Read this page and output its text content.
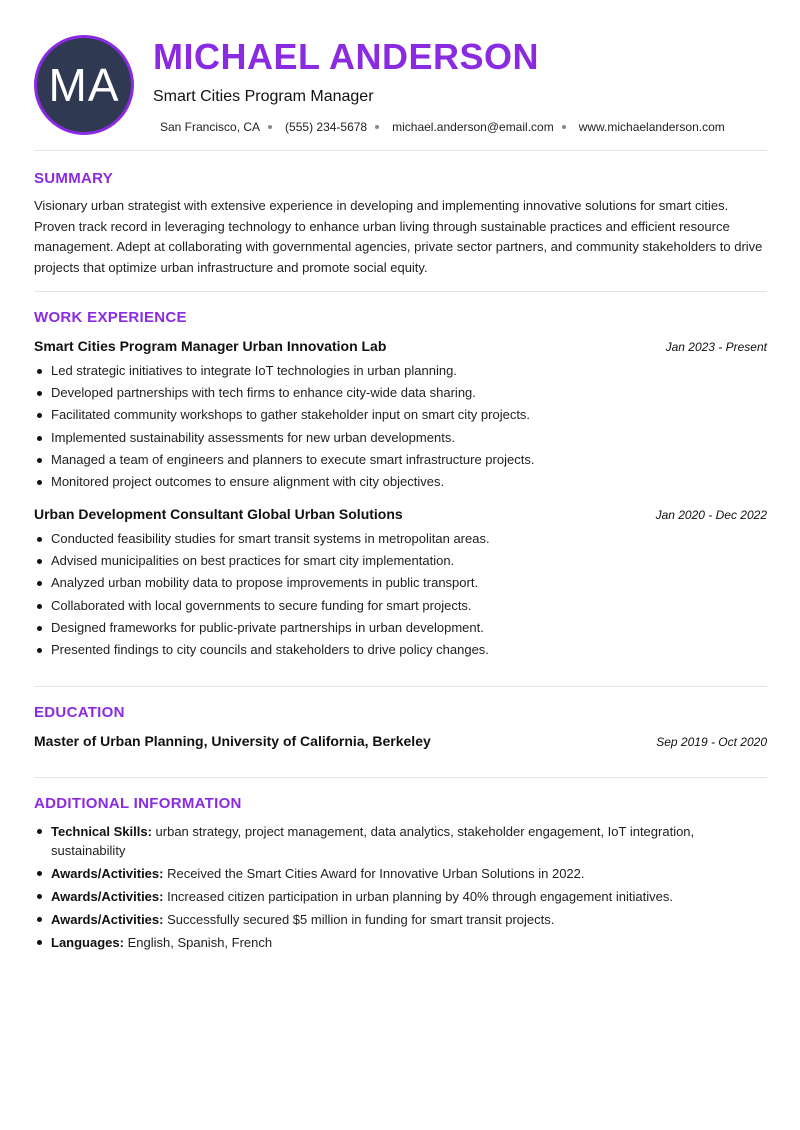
MA
MICHAEL ANDERSON
Smart Cities Program Manager
San Francisco, CA (555) 234-5678 michael.anderson@email.com www.michaelanderson.com
SUMMARY

Visionary urban strategist with extensive experience in developing and implementing innovative solutions for smart cities. Proven track record in leveraging technology to enhance urban living through sustainable practices and efficient resource management. Adept at collaborating with governmental agencies, private sector partners, and community stakeholders to drive projects that optimize urban infrastructure and promote social equity.

WORK EXPERIENCE
Smart Cities Program Manager Urban Innovation Lab	Jan 2023 - Present
Led strategic initiatives to integrate IoT technologies in urban planning.
Developed partnerships with tech firms to enhance city-wide data sharing.
Facilitated community workshops to gather stakeholder input on smart city projects.
Implemented sustainability assessments for new urban developments.
Managed a team of engineers and planners to execute smart infrastructure projects.
Monitored project outcomes to ensure alignment with city objectives.
Urban Development Consultant Global Urban Solutions	Jan 2020 - Dec 2022
Conducted feasibility studies for smart transit systems in metropolitan areas.
Advised municipalities on best practices for smart city implementation.
Analyzed urban mobility data to propose improvements in public transport.
Collaborated with local governments to secure funding for smart projects.
Designed frameworks for public-private partnerships in urban development.
Presented findings to city councils and stakeholders to drive policy changes.
EDUCATION
Master of Urban Planning, University of California, Berkeley	Sep 2019 - Oct 2020
ADDITIONAL INFORMATION
Technical Skills: urban strategy, project management, data analytics, stakeholder engagement, IoT integration, sustainability
Awards/Activities: Received the Smart Cities Award for Innovative Urban Solutions in 2022.
Awards/Activities: Increased citizen participation in urban planning by 40% through engagement initiatives.
Awards/Activities: Successfully secured $5 million in funding for smart transit projects.
Languages: English, Spanish, French
